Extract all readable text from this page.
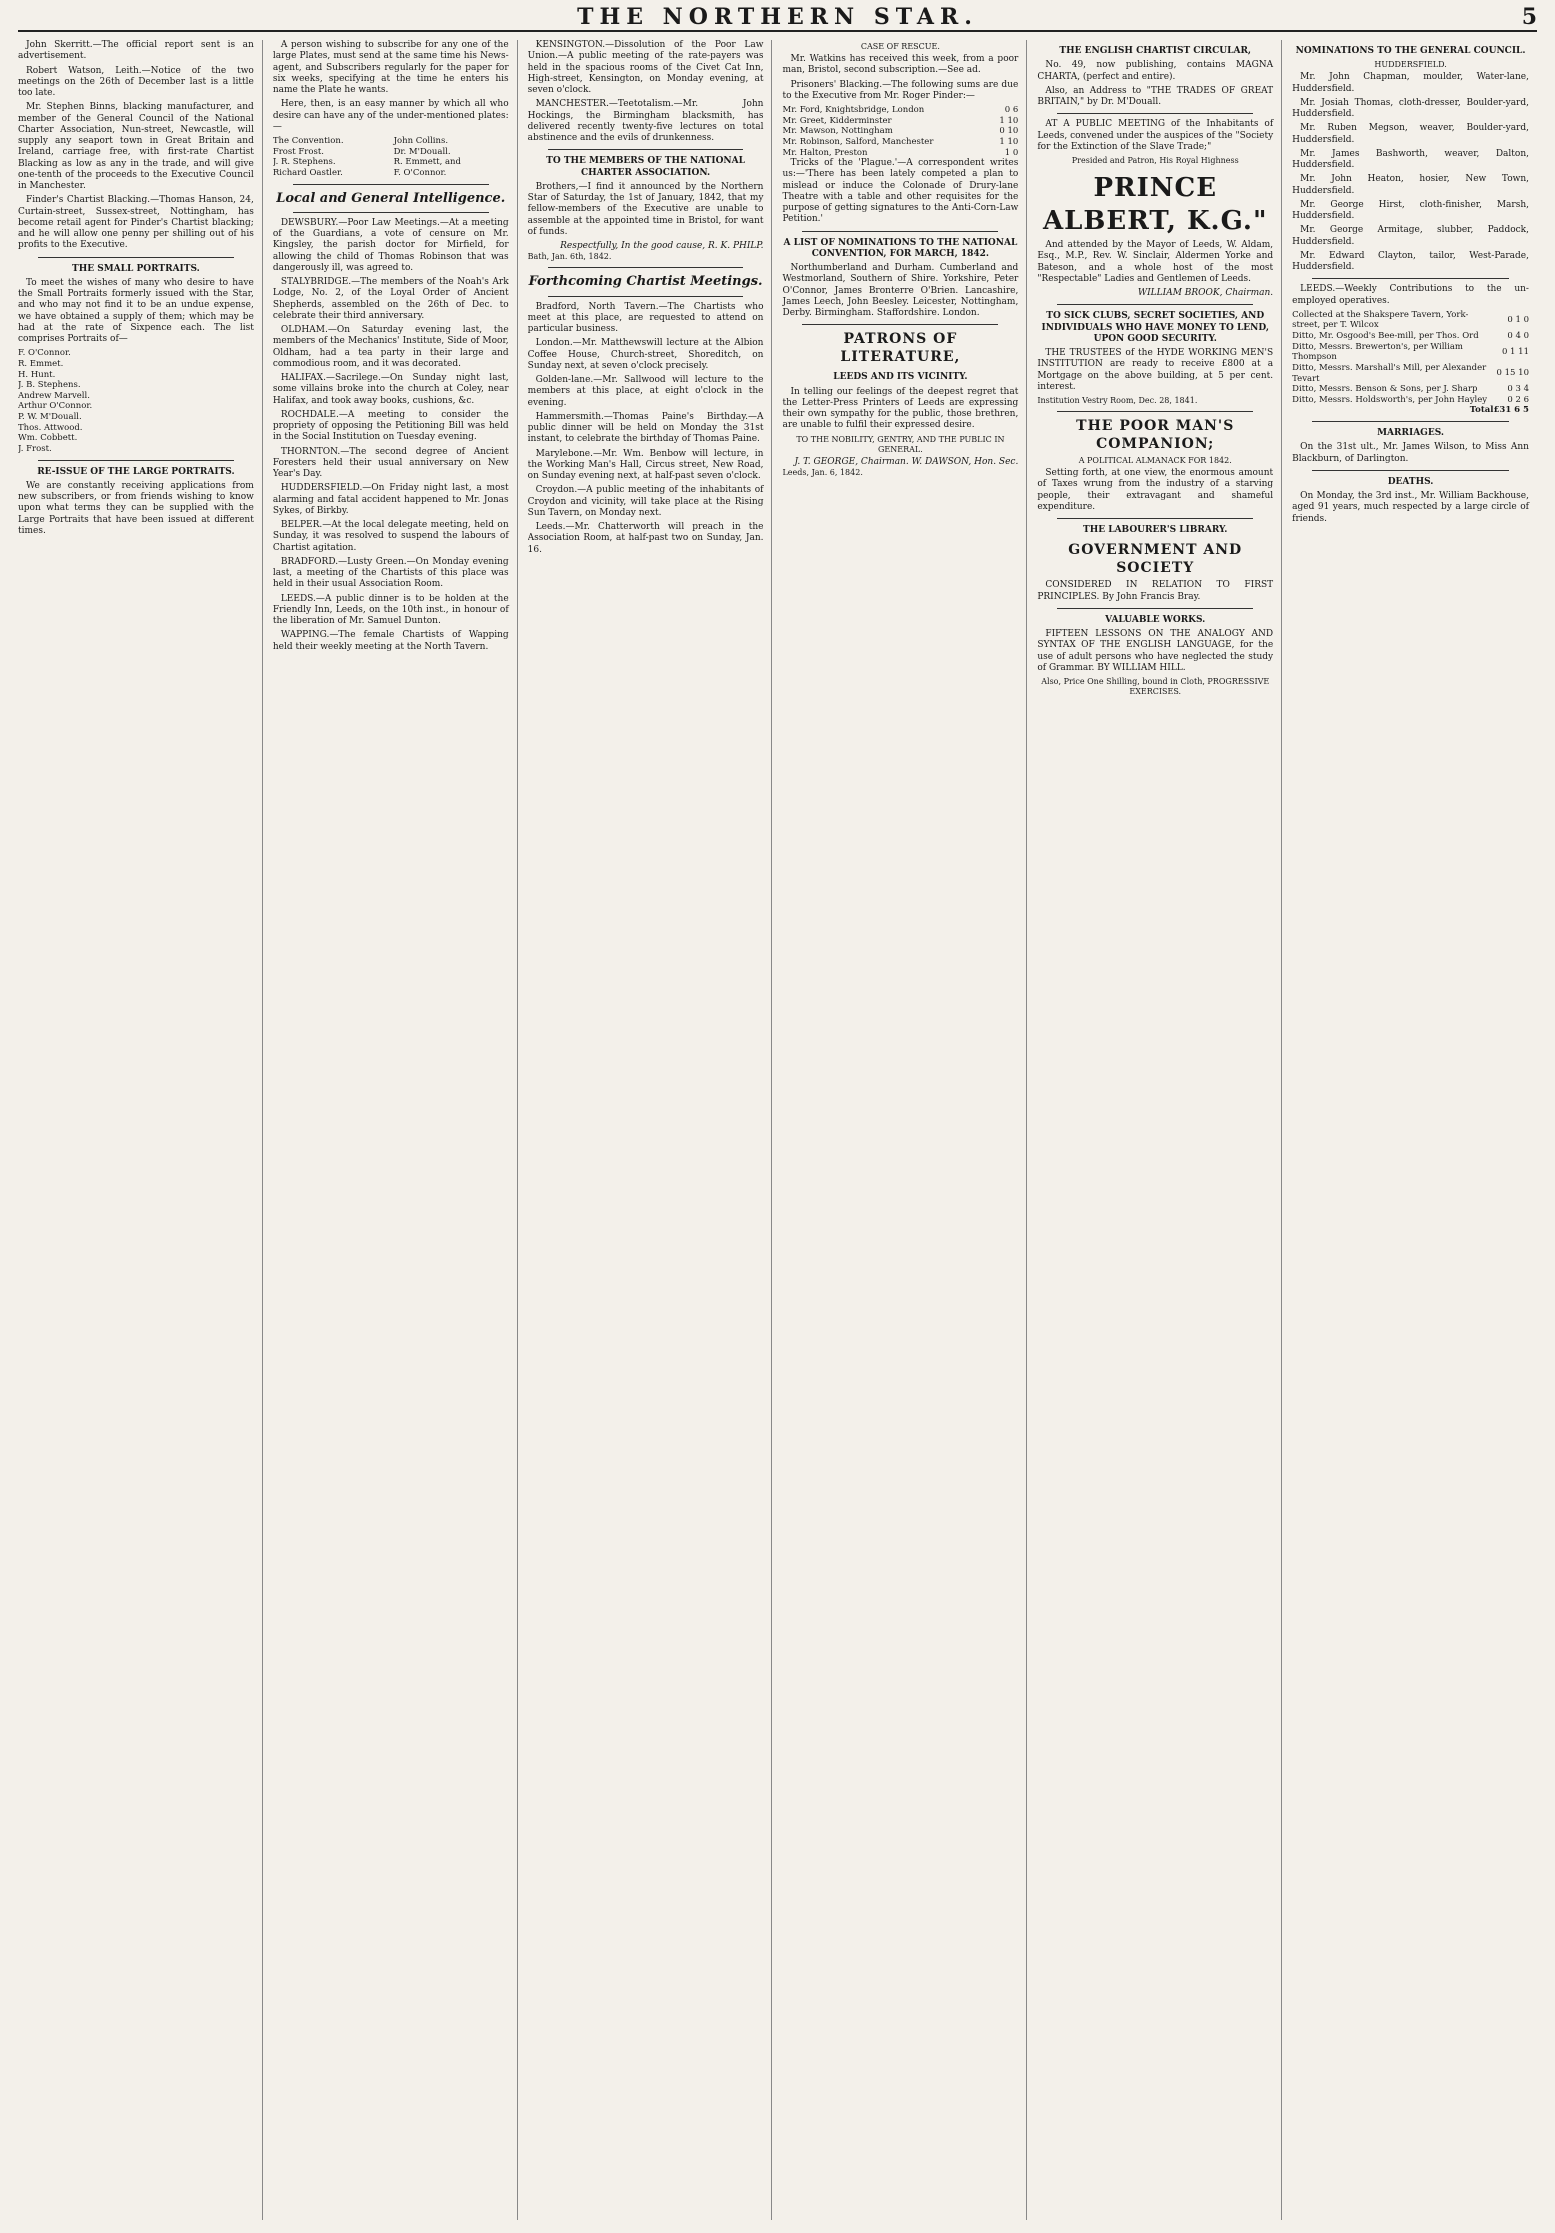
THE NORTHERN STAR.	5

John Skerritt.—The official report sent is an advertisement.

Robert Watson, Leith.—Notice of the two meetings on the 26th of December last is a little too late.

Mr. Stephen Binns, blacking manufacturer, and member of the General Council of the National Charter Association, Nun-street, Newcastle, will supply any seaport town in Great Britain and Ireland, carriage free, with first-rate Chartist Blacking as low as any in the trade, and will give one-tenth of the proceeds to the Executive Council in Manchester.

Finder's Chartist Blacking.—Thomas Hanson, 24, Curtain-street, Sussex-street, Nottingham, has become retail agent for Pinder's Chartist blacking; and he will allow one penny per shilling out of his profits to the Executive.

THE SMALL PORTRAITS.

To meet the wishes of many who desire to have the Small Portraits formerly issued with the Star, and who may not find it to be an undue expense, we have obtained a supply of them; which may be had at the rate of Sixpence each. The list comprises Portraits of—

F. O'Connor.
R. Emmet.
H. Hunt.
J. B. Stephens.
Andrew Marvell.
Arthur O'Connor.
P. W. M'Douall.
Thos. Attwood.
Wm. Cobbett.
J. Frost.
RE-ISSUE OF THE LARGE PORTRAITS.

We are constantly receiving applications from new subscribers, or from friends wishing to know upon what terms they can be supplied with the Large Portraits that have been issued at different times.

A person wishing to subscribe for any one of the large Plates, must send at the same time his News-agent, and Subscribers regularly for the paper for six weeks, specifying at the time he enters his name the Plate he wants.

Here, then, is an easy manner by which all who desire can have any of the under-mentioned plates:—

The Convention.	John Collins.
Frost Frost.	Dr. M'Douall.
J. R. Stephens.	R. Emmett, and
Richard Oastler.	F. O'Connor.
Local and General Intelligence.

DEWSBURY.—Poor Law Meetings.—At a meeting of the Guardians, a vote of censure on Mr. Kingsley, the parish doctor for Mirfield, for allowing the child of Thomas Robinson that was dangerously ill, was agreed to.

STALYBRIDGE.—The members of the Noah's Ark Lodge, No. 2, of the Loyal Order of Ancient Shepherds, assembled on the 26th of Dec. to celebrate their third anniversary.

OLDHAM.—On Saturday evening last, the members of the Mechanics' Institute, Side of Moor, Oldham, had a tea party in their large and commodious room, and it was decorated.

HALIFAX.—Sacrilege.—On Sunday night last, some villains broke into the church at Coley, near Halifax, and took away books, cushions, &c.

ROCHDALE.—A meeting to consider the propriety of opposing the Petitioning Bill was held in the Social Institution on Tuesday evening.

THORNTON.—The second degree of Ancient Foresters held their usual anniversary on New Year's Day.

HUDDERSFIELD.—On Friday night last, a most alarming and fatal accident happened to Mr. Jonas Sykes, of Birkby.

BELPER.—At the local delegate meeting, held on Sunday, it was resolved to suspend the labours of Chartist agitation.

BRADFORD.—Lusty Green.—On Monday evening last, a meeting of the Chartists of this place was held in their usual Association Room.

LEEDS.—A public dinner is to be holden at the Friendly Inn, Leeds, on the 10th inst., in honour of the liberation of Mr. Samuel Dunton.

WAPPING.—The female Chartists of Wapping held their weekly meeting at the North Tavern.

KENSINGTON.—Dissolution of the Poor Law Union.—A public meeting of the rate-payers was held in the spacious rooms of the Civet Cat Inn, High-street, Kensington, on Monday evening, at seven o'clock.

MANCHESTER.—Teetotalism.—Mr. John Hockings, the Birmingham blacksmith, has delivered recently twenty-five lectures on total abstinence and the evils of drunkenness.

TO THE MEMBERS OF THE NATIONAL CHARTER ASSOCIATION.

Brothers,—I find it announced by the Northern Star of Saturday, the 1st of January, 1842, that my fellow-members of the Executive are unable to assemble at the appointed time in Bristol, for want of funds.

Respectfully, In the good cause, R. K. PHILP.
Bath, Jan. 6th, 1842.
Forthcoming Chartist Meetings.

Bradford, North Tavern.—The Chartists who meet at this place, are requested to attend on particular business.

London.—Mr. Matthewswill lecture at the Albion Coffee House, Church-street, Shoreditch, on Sunday next, at seven o'clock precisely.

Golden-lane.—Mr. Sallwood will lecture to the members at this place, at eight o'clock in the evening.

Hammersmith.—Thomas Paine's Birthday.—A public dinner will be held on Monday the 31st instant, to celebrate the birthday of Thomas Paine.

Marylebone.—Mr. Wm. Benbow will lecture, in the Working Man's Hall, Circus street, New Road, on Sunday evening next, at half-past seven o'clock.

Croydon.—A public meeting of the inhabitants of Croydon and vicinity, will take place at the Rising Sun Tavern, on Monday next.

Leeds.—Mr. Chatterworth will preach in the Association Room, at half-past two on Sunday, Jan. 16.

CASE OF RESCUE.

Mr. Watkins has received this week, from a poor man, Bristol, second subscription.—See ad.

Prisoners' Blacking.—The following sums are due to the Executive from Mr. Roger Pinder:—

Mr. Ford, Knightsbridge, London	0 6
Mr. Greet, Kidderminster	1 10
Mr. Mawson, Nottingham	0 10
Mr. Robinson, Salford, Manchester	1 10
Mr. Halton, Preston	1 0

Tricks of the 'Plague.'—A correspondent writes us:—'There has been lately competed a plan to mislead or induce the Colonade of Drury-lane Theatre with a table and other requisites for the purpose of getting signatures to the Anti-Corn-Law Petition.'

A LIST OF NOMINATIONS TO THE NATIONAL CONVENTION, FOR MARCH, 1842.

Northumberland and Durham. Cumberland and Westmorland, Southern of Shire. Yorkshire, Peter O'Connor, James Bronterre O'Brien. Lancashire, James Leech, John Beesley. Leicester, Nottingham, Derby. Birmingham. Staffordshire. London.

PATRONS OF LITERATURE,
LEEDS AND ITS VICINITY.

In telling our feelings of the deepest regret that the Letter-Press Printers of Leeds are expressing their own sympathy for the public, those brethren, are unable to fulfil their expressed desire.

TO THE NOBILITY, GENTRY, AND THE PUBLIC IN GENERAL.
J. T. GEORGE, Chairman. W. DAWSON, Hon. Sec.
Leeds, Jan. 6, 1842.
THE ENGLISH CHARTIST CIRCULAR,

No. 49, now publishing, contains MAGNA CHARTA, (perfect and entire).

Also, an Address to "THE TRADES OF GREAT BRITAIN," by Dr. M'Douall.

AT A PUBLIC MEETING of the Inhabitants of Leeds, convened under the auspices of the "Society for the Extinction of the Slave Trade;"

Presided and Patron, His Royal Highness
PRINCE ALBERT, K.G."

And attended by the Mayor of Leeds, W. Aldam, Esq., M.P., Rev. W. Sinclair, Aldermen Yorke and Bateson, and a whole host of the most "Respectable" Ladies and Gentlemen of Leeds.

WILLIAM BROOK, Chairman.
TO SICK CLUBS, SECRET SOCIETIES, AND INDIVIDUALS WHO HAVE MONEY TO LEND, UPON GOOD SECURITY.

THE TRUSTEES of the HYDE WORKING MEN'S INSTITUTION are ready to receive £800 at a Mortgage on the above building, at 5 per cent. interest.

Institution Vestry Room, Dec. 28, 1841.
THE POOR MAN'S COMPANION;
A POLITICAL ALMANACK FOR 1842.

Setting forth, at one view, the enormous amount of Taxes wrung from the industry of a starving people, their extravagant and shameful expenditure.

THE LABOURER'S LIBRARY.
GOVERNMENT AND SOCIETY

CONSIDERED IN RELATION TO FIRST PRINCIPLES. By John Francis Bray.

VALUABLE WORKS.

FIFTEEN LESSONS ON THE ANALOGY AND SYNTAX OF THE ENGLISH LANGUAGE, for the use of adult persons who have neglected the study of Grammar. BY WILLIAM HILL.

Also, Price One Shilling, bound in Cloth, PROGRESSIVE EXERCISES.
NOMINATIONS TO THE GENERAL COUNCIL.
HUDDERSFIELD.

Mr. John Chapman, moulder, Water-lane, Huddersfield.

Mr. Josiah Thomas, cloth-dresser, Boulder-yard, Huddersfield.

Mr. Ruben Megson, weaver, Boulder-yard, Huddersfield.

Mr. James Bashworth, weaver, Dalton, Huddersfield.

Mr. John Heaton, hosier, New Town, Huddersfield.

Mr. George Hirst, cloth-finisher, Marsh, Huddersfield.

Mr. George Armitage, slubber, Paddock, Huddersfield.

Mr. Edward Clayton, tailor, West-Parade, Huddersfield.

LEEDS.—Weekly Contributions to the un-employed operatives.

Collected at the Shakspere Tavern, York-street, per T. Wilcox	0 1 0
Ditto, Mr. Osgood's Bee-mill, per Thos. Ord	0 4 0
Ditto, Messrs. Brewerton's, per William Thompson	0 1 11
Ditto, Messrs. Marshall's Mill, per Alexander Tevart	0 15 10
Ditto, Messrs. Benson & Sons, per J. Sharp	0 3 4
Ditto, Messrs. Holdsworth's, per John Hayley	0 2 6
Total	£31 6 5
MARRIAGES.

On the 31st ult., Mr. James Wilson, to Miss Ann Blackburn, of Darlington.

DEATHS.

On Monday, the 3rd inst., Mr. William Backhouse, aged 91 years, much respected by a large circle of friends.
